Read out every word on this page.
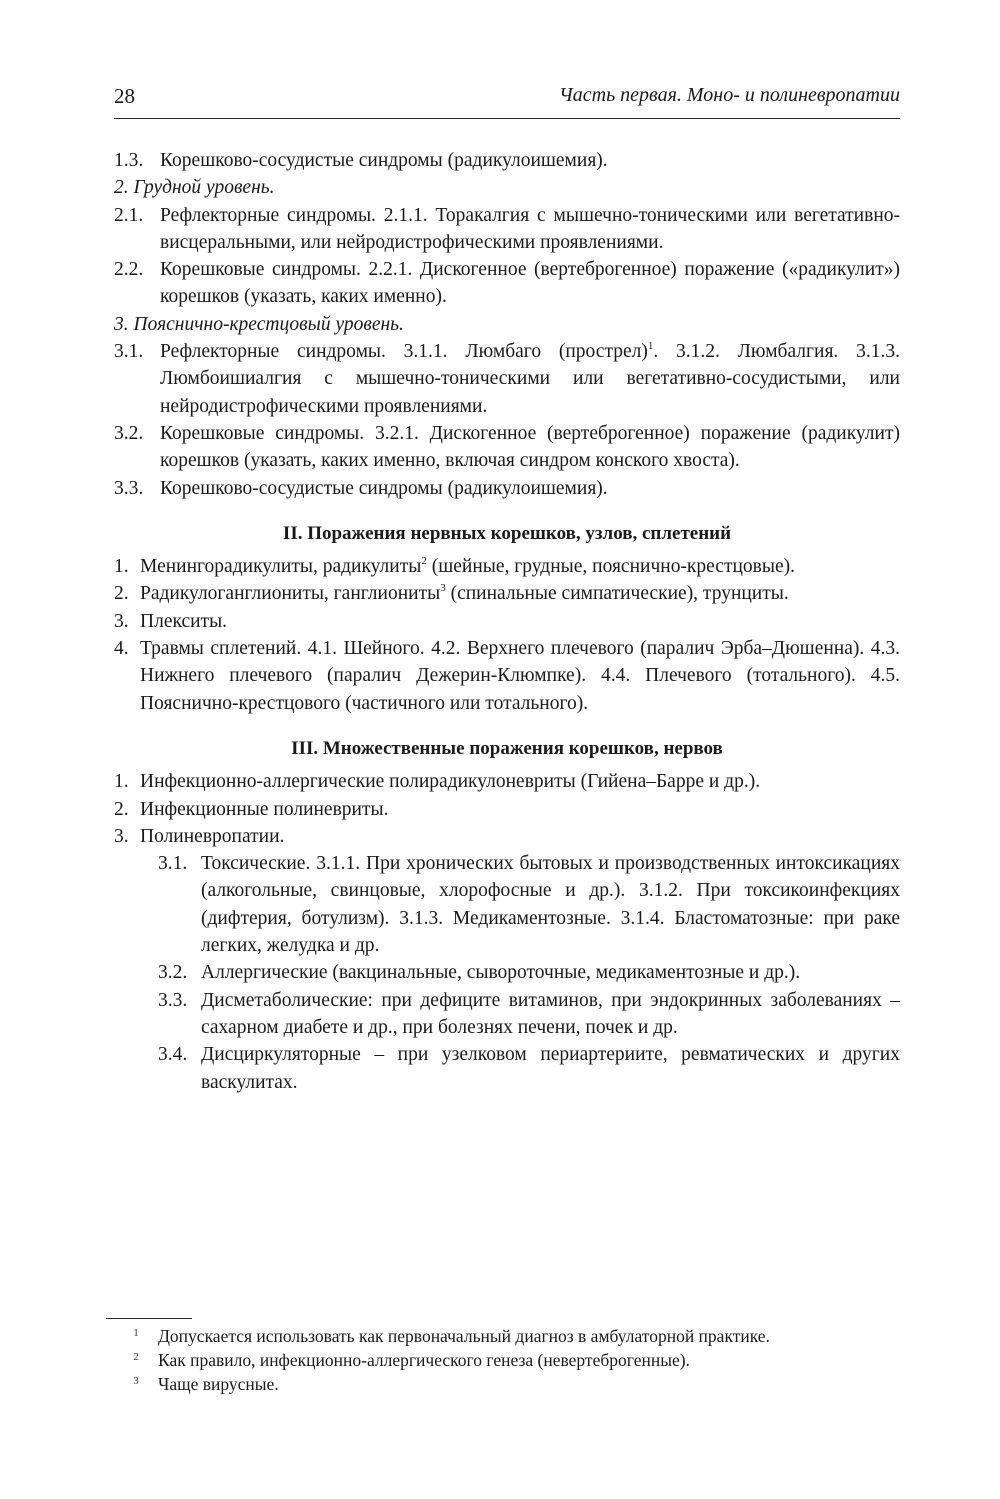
28	Часть первая. Моно- и полиневропатии
1.3. Корешково-сосудистые синдромы (радикулоишемия).
2. Грудной уровень.
2.1. Рефлекторные синдромы. 2.1.1. Торакалгия с мышечно-тоническими или вегетативно-висцеральными, или нейродистрофическими проявлениями.
2.2. Корешковые синдромы. 2.2.1. Дискогенное (вертеброгенное) поражение («радикулит») корешков (указать, каких именно).
3. Пояснично-крестцовый уровень.
3.1. Рефлекторные синдромы. 3.1.1. Люмбаго (прострел)$^1$. 3.1.2. Люмбалгия. 3.1.3. Люмбоишиалгия с мышечно-тоническими или вегетативно-сосудистыми, или нейродистрофическими проявлениями.
3.2. Корешковые синдромы. 3.2.1. Дискогенное (вертеброгенное) поражение (радикулит) корешков (указать, каких именно, включая синдром конского хвоста).
3.3. Корешково-сосудистые синдромы (радикулоишемия).
II. Поражения нервных корешков, узлов, сплетений
1. Менингорадикулиты, радикулиты$^2$ (шейные, грудные, пояснично-крестцовые).
2. Радикулоганглиониты, ганглиониты$^3$ (спинальные симпатические), трунциты.
3. Плекситы.
4. Травмы сплетений. 4.1. Шейного. 4.2. Верхнего плечевого (паралич Эрба–Дюшенна). 4.3. Нижнего плечевого (паралич Дежерин-Клюмпке). 4.4. Плечевого (тотального). 4.5. Пояснично-крестцового (частичного или тотального).
III. Множественные поражения корешков, нервов
1. Инфекционно-аллергические полирадикулоневриты (Гийена–Барре и др.).
2. Инфекционные полиневриты.
3. Полиневропатии.
3.1. Токсические. 3.1.1. При хронических бытовых и производственных интоксикациях (алкогольные, свинцовые, хлорофосные и др.). 3.1.2. При токсикоинфекциях (дифтерия, ботулизм). 3.1.3. Медикаментозные. 3.1.4. Бластоматозные: при раке легких, желудка и др.
3.2. Аллергические (вакцинальные, сывороточные, медикаментозные и др.).
3.3. Дисметаболические: при дефиците витаминов, при эндокринных заболеваниях – сахарном диабете и др., при болезнях печени, почек и др.
3.4. Дисциркуляторные – при узелковом периартериите, ревматических и других васкулитах.
1	Допускается использовать как первоначальный диагноз в амбулаторной практике.
2	Как правило, инфекционно-аллергического генеза (невертеброгенные).
3	Чаще вирусные.
